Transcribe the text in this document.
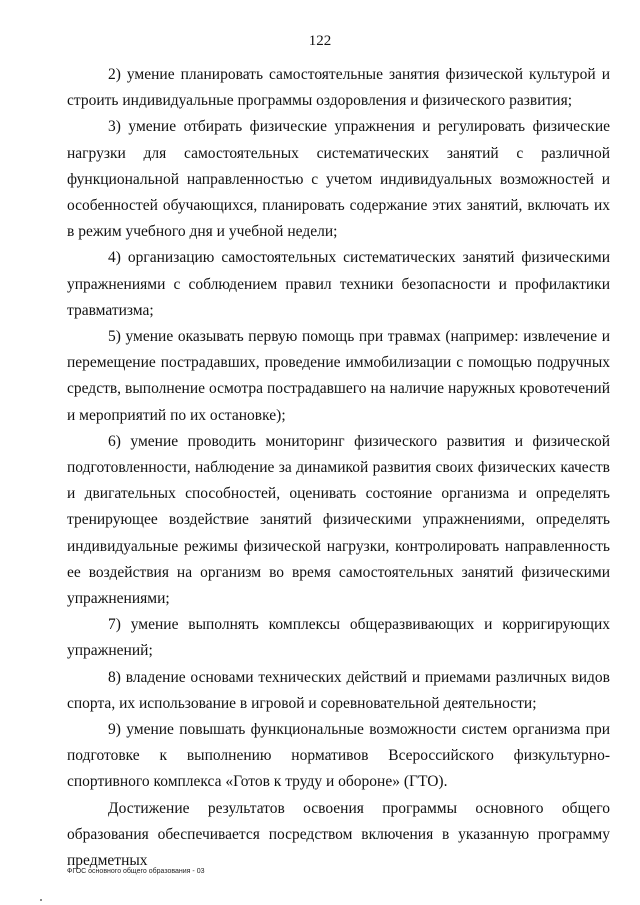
122

2) умение планировать самостоятельные занятия физической культурой и строить индивидуальные программы оздоровления и физического развития;

3) умение отбирать физические упражнения и регулировать физические нагрузки для самостоятельных систематических занятий с различной функциональной направленностью с учетом индивидуальных возможностей и особенностей обучающихся, планировать содержание этих занятий, включать их в режим учебного дня и учебной недели;

4) организацию самостоятельных систематических занятий физическими упражнениями с соблюдением правил техники безопасности и профилактики травматизма;

5) умение оказывать первую помощь при травмах (например: извлечение и перемещение пострадавших, проведение иммобилизации с помощью подручных средств, выполнение осмотра пострадавшего на наличие наружных кровотечений и мероприятий по их остановке);

6) умение проводить мониторинг физического развития и физической подготовленности, наблюдение за динамикой развития своих физических качеств и двигательных способностей, оценивать состояние организма и определять тренирующее воздействие занятий физическими упражнениями, определять индивидуальные режимы физической нагрузки, контролировать направленность ее воздействия на организм во время самостоятельных занятий физическими упражнениями;

7) умение выполнять комплексы общеразвивающих и корригирующих упражнений;

8) владение основами технических действий и приемами различных видов спорта, их использование в игровой и соревновательной деятельности;

9) умение повышать функциональные возможности систем организма при подготовке к выполнению нормативов Всероссийского физкультурно-спортивного комплекса «Готов к труду и обороне» (ГТО).

Достижение результатов освоения программы основного общего образования обеспечивается посредством включения в указанную программу предметных

ФГОС основного общего образования - 03
